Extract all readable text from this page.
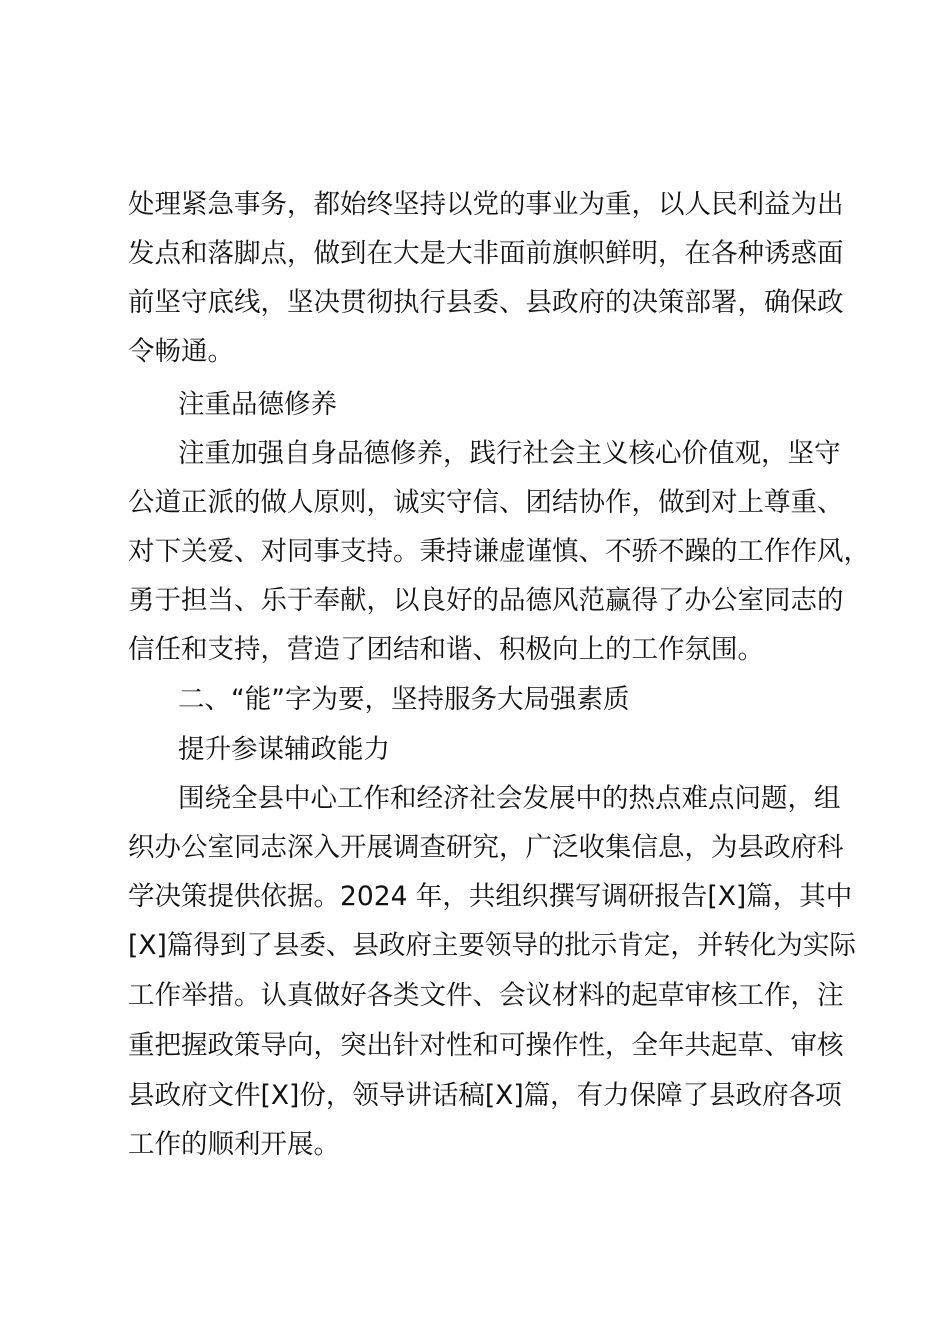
处理紧急事务，都始终坚持以党的事业为重，以人民利益为出
发点和落脚点，做到在大是大非面前旗帜鲜明，在各种诱惑面
前坚守底线，坚决贯彻执行县委、县政府的决策部署，确保政
令畅通。
注重品德修养
注重加强自身品德修养，践行社会主义核心价值观，坚守
公道正派的做人原则，诚实守信、团结协作，做到对上尊重、
对下关爱、对同事支持。秉持谦虚谨慎、不骄不躁的工作作风，
勇于担当、乐于奉献，以良好的品德风范赢得了办公室同志的
信任和支持，营造了团结和谐、积极向上的工作氛围。
二、“能”字为要，坚持服务大局强素质
提升参谋辅政能力
围绕全县中心工作和经济社会发展中的热点难点问题，组
织办公室同志深入开展调查研究，广泛收集信息，为县政府科
学决策提供依据。2024 年，共组织撰写调研报告[X]篇，其中
[X]篇得到了县委、县政府主要领导的批示肯定，并转化为实际
工作举措。认真做好各类文件、会议材料的起草审核工作，注
重把握政策导向，突出针对性和可操作性，全年共起草、审核
县政府文件[X]份，领导讲话稿[X]篇，有力保障了县政府各项
工作的顺利开展。
